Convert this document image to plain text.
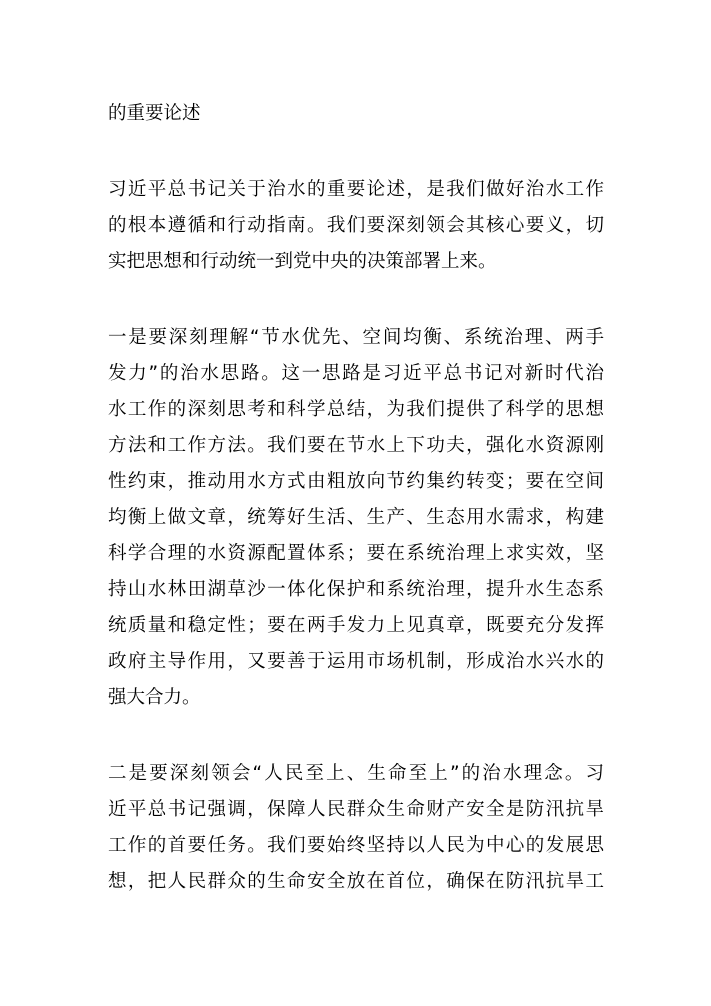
的重要论述
习近平总书记关于治水的重要论述，是我们做好治水工作
的根本遵循和行动指南。我们要深刻领会其核心要义，切
实把思想和行动统一到党中央的决策部署上来。
一是要深刻理解“节水优先、空间均衡、系统治理、两手
发力”的治水思路。这一思路是习近平总书记对新时代治
水工作的深刻思考和科学总结，为我们提供了科学的思想
方法和工作方法。我们要在节水上下功夫，强化水资源刚
性约束，推动用水方式由粗放向节约集约转变；要在空间
均衡上做文章，统筹好生活、生产、生态用水需求，构建
科学合理的水资源配置体系；要在系统治理上求实效，坚
持山水林田湖草沙一体化保护和系统治理，提升水生态系
统质量和稳定性；要在两手发力上见真章，既要充分发挥
政府主导作用，又要善于运用市场机制，形成治水兴水的
强大合力。
二是要深刻领会“人民至上、生命至上”的治水理念。习
近平总书记强调，保障人民群众生命财产安全是防汛抗旱
工作的首要任务。我们要始终坚持以人民为中心的发展思
想，把人民群众的生命安全放在首位，确保在防汛抗旱工
